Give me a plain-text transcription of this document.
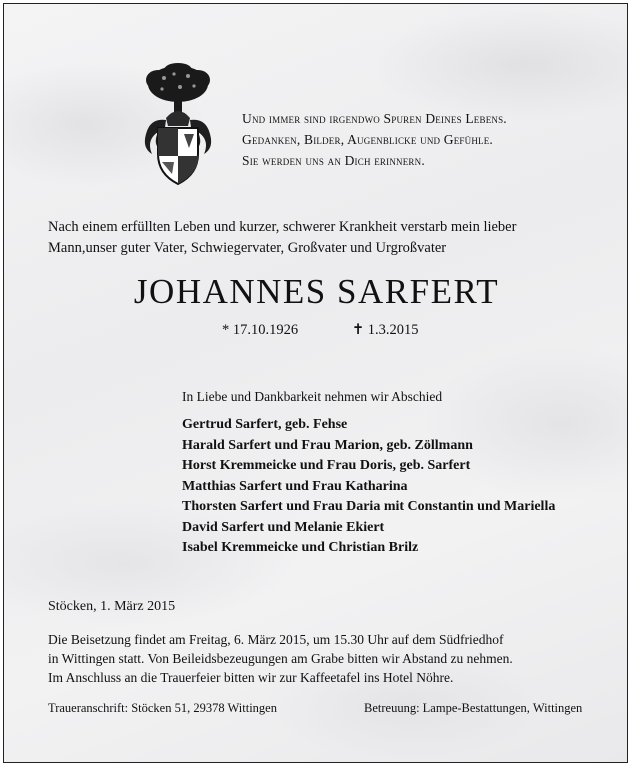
Und immer sind irgendwo Spuren Deines Lebens.
Gedanken, Bilder, Augenblicke und Gefühle.
Sie werden uns an Dich erinnern.
Nach einem erfüllten Leben und kurzer, schwerer Krankheit verstarb mein lieber
Mann,unser guter Vater, Schwiegervater, Großvater und Urgroßvater
JOHANNES SARFERT
* 17.10.1926	✝ 1.3.2015
In Liebe und Dankbarkeit nehmen wir Abschied
Gertrud Sarfert, geb. Fehse
Harald Sarfert und Frau Marion, geb. Zöllmann
Horst Kremmeicke und Frau Doris, geb. Sarfert
Matthias Sarfert und Frau Katharina
Thorsten Sarfert und Frau Daria mit Constantin und Mariella
David Sarfert und Melanie Ekiert
Isabel Kremmeicke und Christian Brilz
Stöcken, 1. März 2015
Die Beisetzung findet am Freitag, 6. März 2015, um 15.30 Uhr auf dem Südfriedhof
in Wittingen statt. Von Beileidsbezeugungen am Grabe bitten wir Abstand zu nehmen.
Im Anschluss an die Trauerfeier bitten wir zur Kaffeetafel ins Hotel Nöhre.
Traueranschrift: Stöcken 51, 29378 Wittingen	Betreuung: Lampe-Bestattungen, Wittingen
